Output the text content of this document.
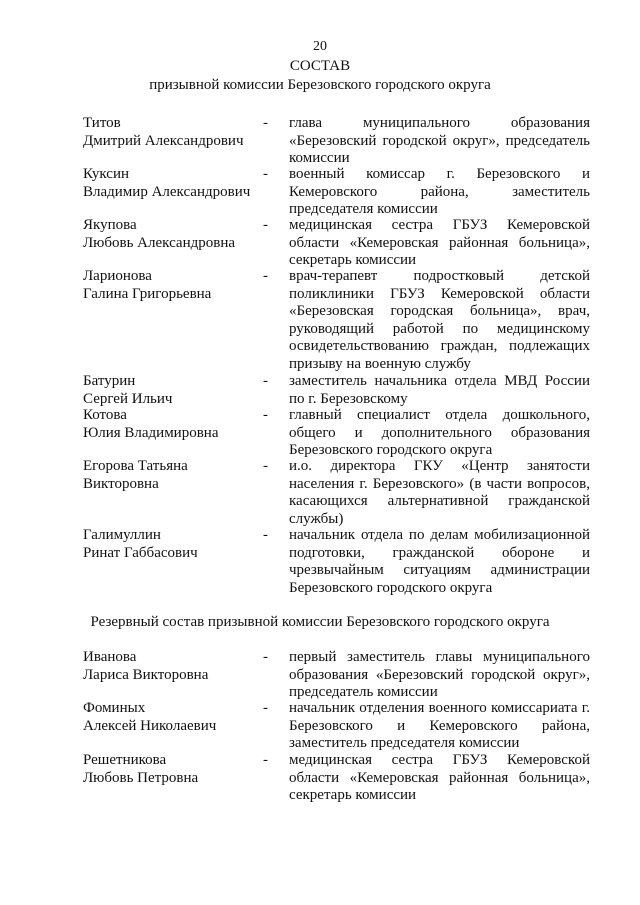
20
СОСТАВ
призывной комиссии Березовского городского округа
Титов
Дмитрий Александрович
-	глава муниципального образования «Березовский городской округ», председатель комиссии
Куксин
Владимир Александрович
-	военный комиссар г. Березовского и Кемеровского района, заместитель председателя комиссии
Якупова
Любовь Александровна
-	медицинская сестра ГБУЗ Кемеровской области «Кемеровская районная больница», секретарь комиссии
Ларионова
Галина Григорьевна
-	врач-терапевт подростковый детской поликлиники ГБУЗ Кемеровской области «Березовская городская больница», врач, руководящий работой по медицинскому освидетельствованию граждан, подлежащих призыву на военную службу
Батурин
Сергей Ильич
-	заместитель начальника отдела МВД России по г. Березовскому
Котова
Юлия Владимировна
-	главный специалист отдела дошкольного, общего и дополнительного образования Березовского городского округа
Егорова Татьяна
Викторовна
-	и.о. директора ГКУ «Центр занятости населения г. Березовского» (в части вопросов, касающихся альтернативной гражданской службы)
Галимуллин
Ринат Габбасович
-	начальник отдела по делам мобилизационной подготовки, гражданской обороне и чрезвычайным ситуациям администрации Березовского городского округа
Резервный состав призывной комиссии Березовского городского округа
Иванова
Лариса Викторовна
-	первый заместитель главы муниципального образования «Березовский городской округ», председатель комиссии
Фоминых
Алексей Николаевич
-	начальник отделения военного комиссариата г. Березовского и Кемеровского района, заместитель председателя комиссии
Решетникова
Любовь Петровна
-	медицинская сестра ГБУЗ Кемеровской области «Кемеровская районная больница», секретарь комиссии
